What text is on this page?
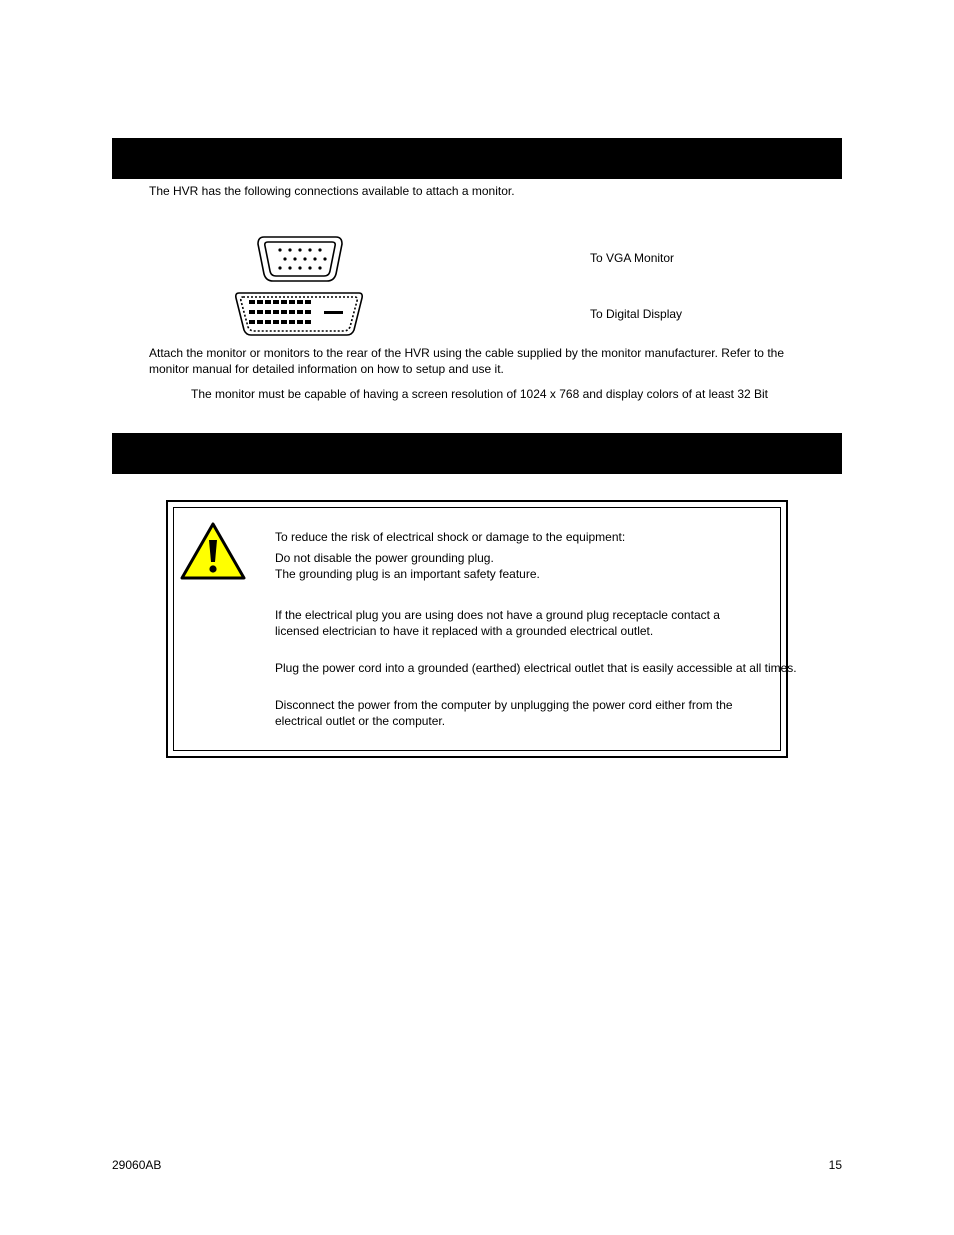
The HVR has the following connections available to attach a monitor.
To VGA Monitor
To Digital Display
Attach the monitor or monitors to the rear of the HVR using the cable supplied by the monitor manufacturer. Refer to the monitor manual for detailed information on how to setup and use it.
The monitor must be capable of having a screen resolution of 1024 x 768 and display colors of at least 32 Bit
To reduce the risk of electrical shock or damage to the equipment:
Do not disable the power grounding plug.
The grounding plug is an important safety feature.
If the electrical plug you are using does not have a ground plug receptacle contact a licensed electrician to have it replaced with a grounded electrical outlet.
Plug the power cord into a grounded (earthed) electrical outlet that is easily accessible at all times.
Disconnect the power from the computer by unplugging the power cord either from the electrical outlet or the computer.
29060AB	15
